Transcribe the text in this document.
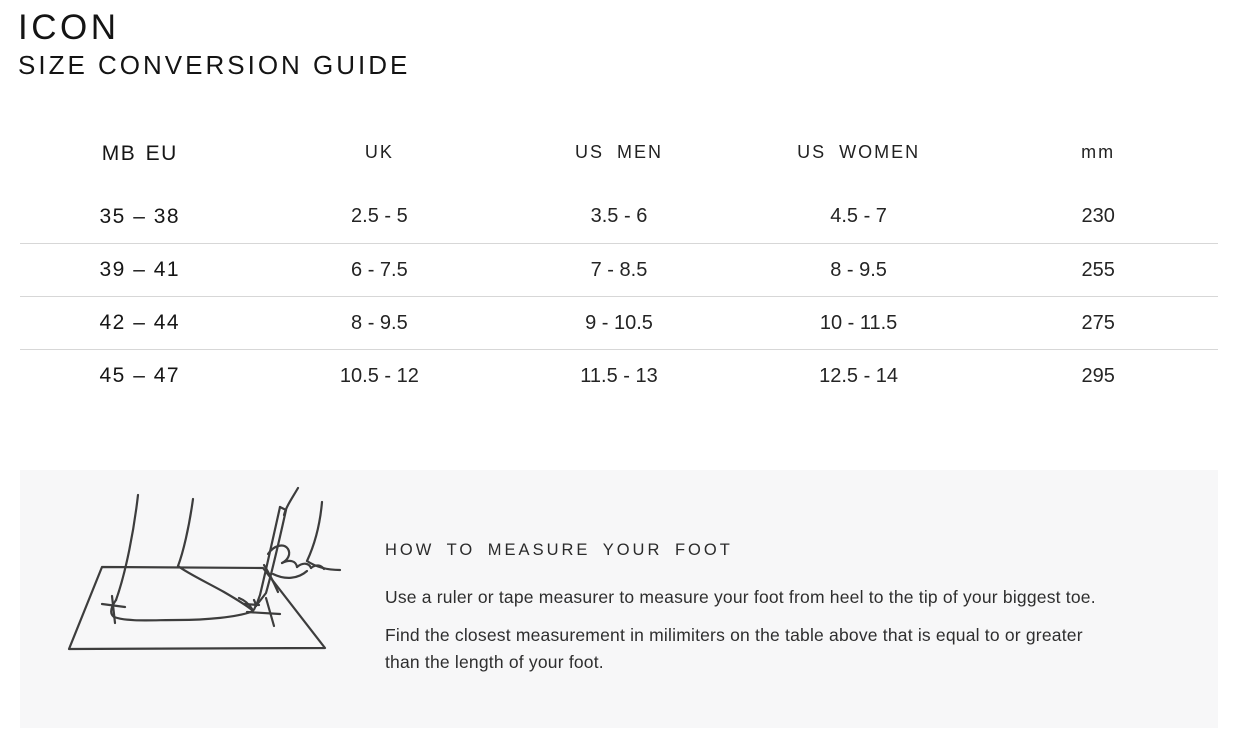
ICON
SIZE CONVERSION GUIDE
MB EU	UK	US MEN	US WOMEN	mm
35 – 38	2.5 - 5	3.5 - 6	4.5 - 7	230
39 – 41	6 - 7.5	7 - 8.5	8 - 9.5	255
42 – 44	8 - 9.5	9 - 10.5	10 - 11.5	275
45 – 47	10.5 - 12	11.5 - 13	12.5 - 14	295
HOW TO MEASURE YOUR FOOT
Use a ruler or tape measurer to measure your foot from heel to the tip of your biggest toe.
Find the closest measurement in milimiters on the table above that is equal to or greater
than the length of your foot.
